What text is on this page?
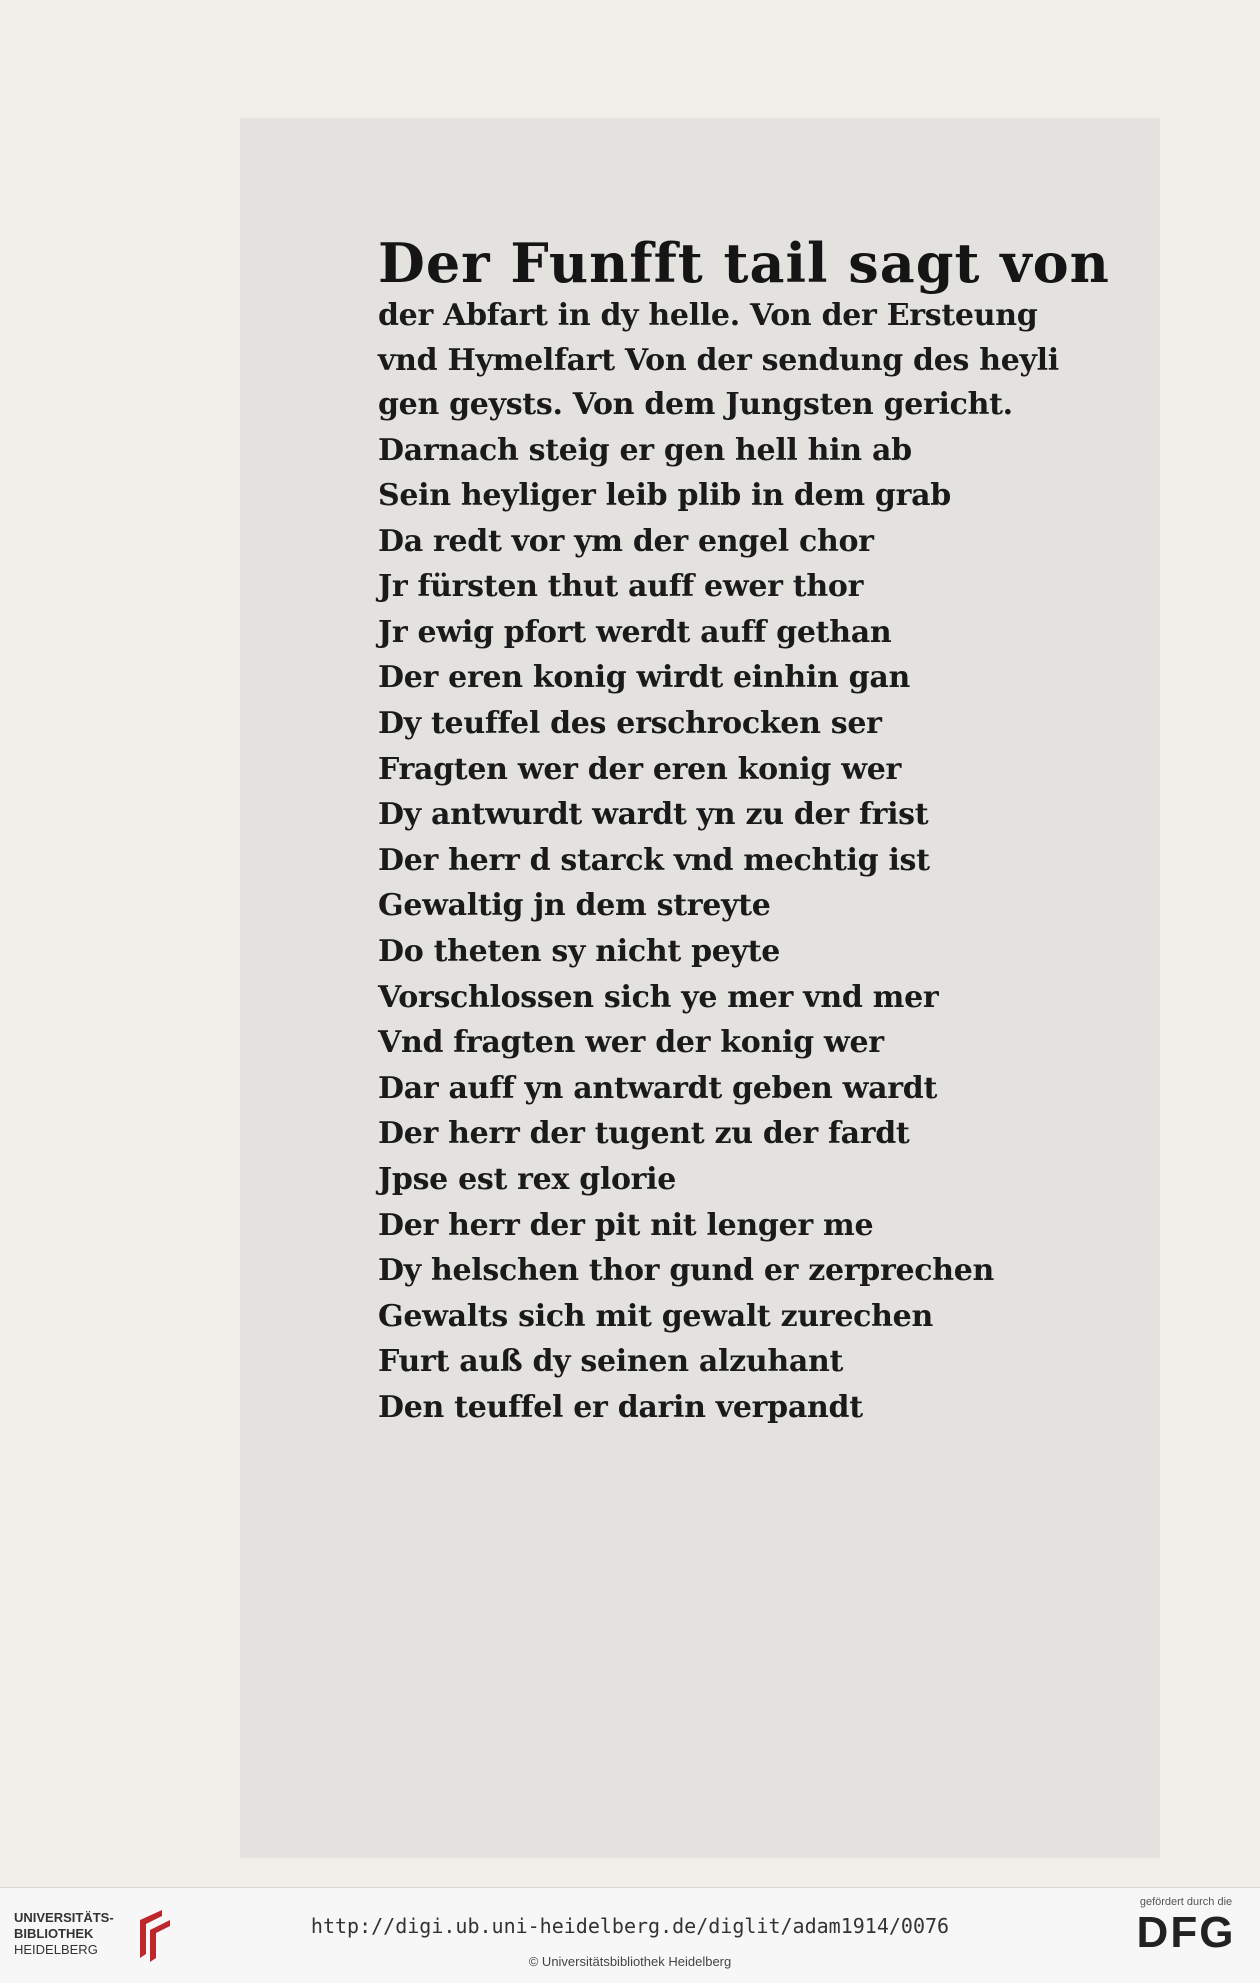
Der Funfft tail sagt von
der Abfart in dy helle. Von der Ersteung
vnd Hymelfart Von der sendung des heyli
gen geysts. Von dem Jungsten gericht.
Darnach steig er gen hell hin ab
Sein heyliger leib plib in dem grab
Da redt vor ym der engel chor
Jr fürsten thut auff ewer thor
Jr ewig pfort werdt auff gethan
Der eren konig wirdt einhin gan
Dy teuffel des erschrocken ser
Fragten wer der eren konig wer
Dy antwurdt wardt yn zu der frist
Der herr d starck vnd mechtig ist
Gewaltig jn dem streyte
Do theten sy nicht peyte
Vorschlossen sich ye mer vnd mer
Vnd fragten wer der konig wer
Dar auff yn antwardt geben wardt
Der herr der tugent zu der fardt
Jpse est rex glorie
Der herr der pit nit lenger me
Dy helschen thor gund er zerprechen
Gewalts sich mit gewalt zurechen
Furt auß dy seinen alzuhant
Den teuffel er darin verpandt
UNIVERSITÄTS-
BIBLIOTHEK
HEIDELBERG
http://digi.ub.uni-heidelberg.de/diglit/adam1914/0076
© Universitätsbibliothek Heidelberg
gefördert durch die
DFG
